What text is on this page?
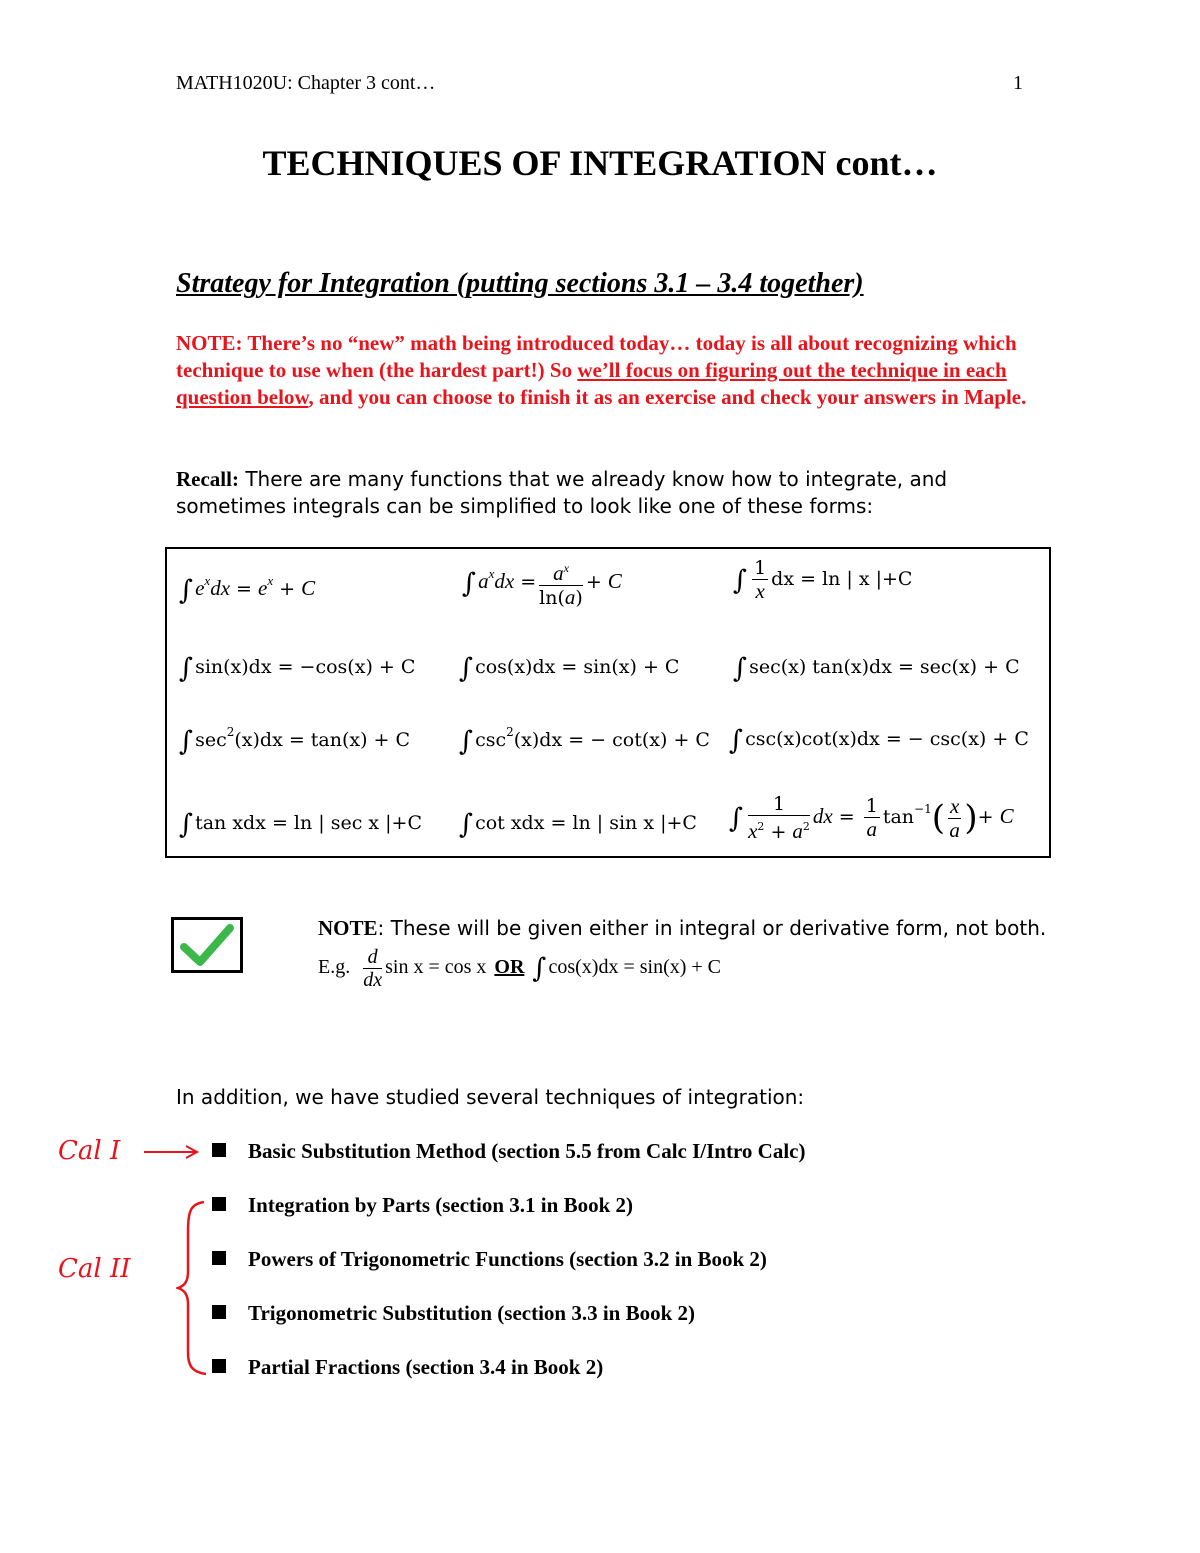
MATH1020U: Chapter 3 cont…	1
TECHNIQUES OF INTEGRATION cont…
Strategy for Integration (putting sections 3.1 – 3.4 together)
NOTE: There’s no “new” math being introduced today… today is all about recognizing which technique to use when (the hardest part!) So we’ll focus on figuring out the technique in each question below, and you can choose to finish it as an exercise and check your answers in Maple.
Recall: There are many functions that we already know how to integrate, and sometimes integrals can be simplified to look like one of these forms:
$\int e^xdx = e^x + C$	$\int a^xdx = \frac{a^x}{\ln(a)} + C$	∫ $\frac{1}{x}$ dx = ln | x |+C
∫ sin(x)dx = −cos(x) + C ∫ cos(x)dx = sin(x) + C ∫ sec(x) tan(x)dx = sec(x) + C
∫ $\sec^2(x)dx = \tan(x) + C$ ∫ $\csc^2(x)dx$ = − cot(x) + C ∫ csc(x)cot(x)dx = − csc(x) + C
∫ tan xdx = ln | sec x |+C ∫ cot xdx = ln | sin x |+C ∫ $\frac{1}{x^2 + a^2}$ dx = $\frac{1}{a} \tan^{-1}( \frac{x}{a}$ )+ C
NOTE: These will be given either in integral or derivative form, not both.
E.g. $\frac{d}{dx}$ sin x = cos x OR ∫ cos(x)dx = sin(x) + C
In addition, we have studied several techniques of integration:
Basic Substitution Method (section 5.5 from Calc I/Intro Calc)
Integration by Parts (section 3.1 in Book 2)
Powers of Trigonometric Functions (section 3.2 in Book 2)
Trigonometric Substitution (section 3.3 in Book 2)
Partial Fractions (section 3.4 in Book 2)
Cal I
Cal II
